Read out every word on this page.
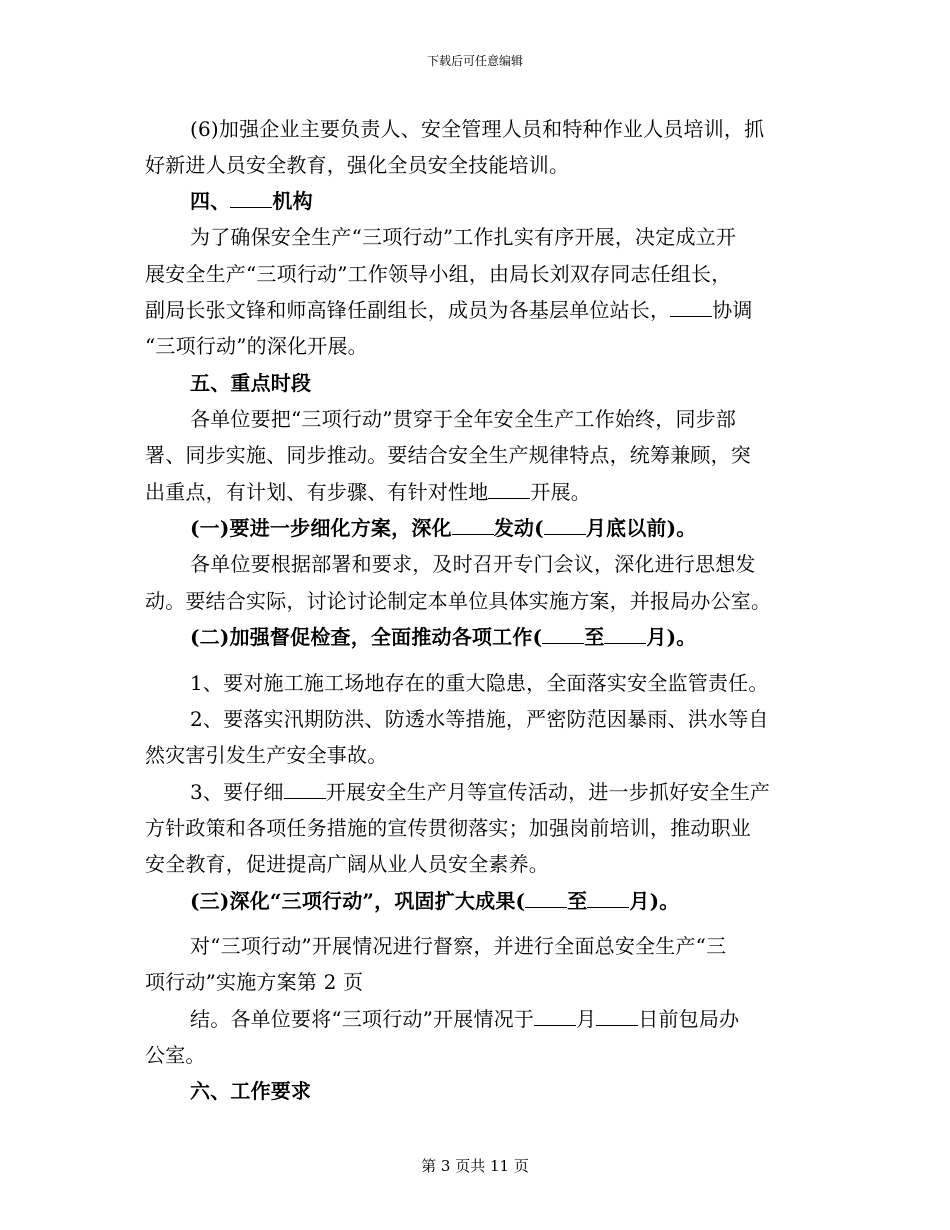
下载后可任意编辑
(6)加强企业主要负责人、安全管理人员和特种作业人员培训，抓
好新进人员安全教育，强化全员安全技能培训。
四、 机构
为了确保安全生产“三项行动”工作扎实有序开展，决定成立开
展安全生产“三项行动”工作领导小组，由局长刘双存同志任组长，
副局长张文锋和师高锋任副组长，成员为各基层单位站长， 协调
“三项行动”的深化开展。
五、重点时段
各单位要把“三项行动”贯穿于全年安全生产工作始终，同步部
署、同步实施、同步推动。要结合安全生产规律特点，统筹兼顾，突
出重点，有计划、有步骤、有针对性地 开展。
(一)要进一步细化方案，深化 发动( 月底以前)。
各单位要根据部署和要求，及时召开专门会议，深化进行思想发
动。要结合实际，讨论讨论制定本单位具体实施方案，并报局办公室。
(二)加强督促检查，全面推动各项工作( 至 月)。
1、要对施工施工场地存在的重大隐患，全面落实安全监管责任。
2、要落实汛期防洪、防透水等措施，严密防范因暴雨、洪水等自
然灾害引发生产安全事故。
3、要仔细 开展安全生产月等宣传活动，进一步抓好安全生产
方针政策和各项任务措施的宣传贯彻落实；加强岗前培训，推动职业
安全教育，促进提高广阔从业人员安全素养。
(三)深化“三项行动”，巩固扩大成果( 至 月)。
对“三项行动”开展情况进行督察，并进行全面总安全生产“三
项行动”实施方案第 2 页
结。各单位要将“三项行动”开展情况于 月 日前包局办
公室。
六、工作要求
第 3 页共 11 页
